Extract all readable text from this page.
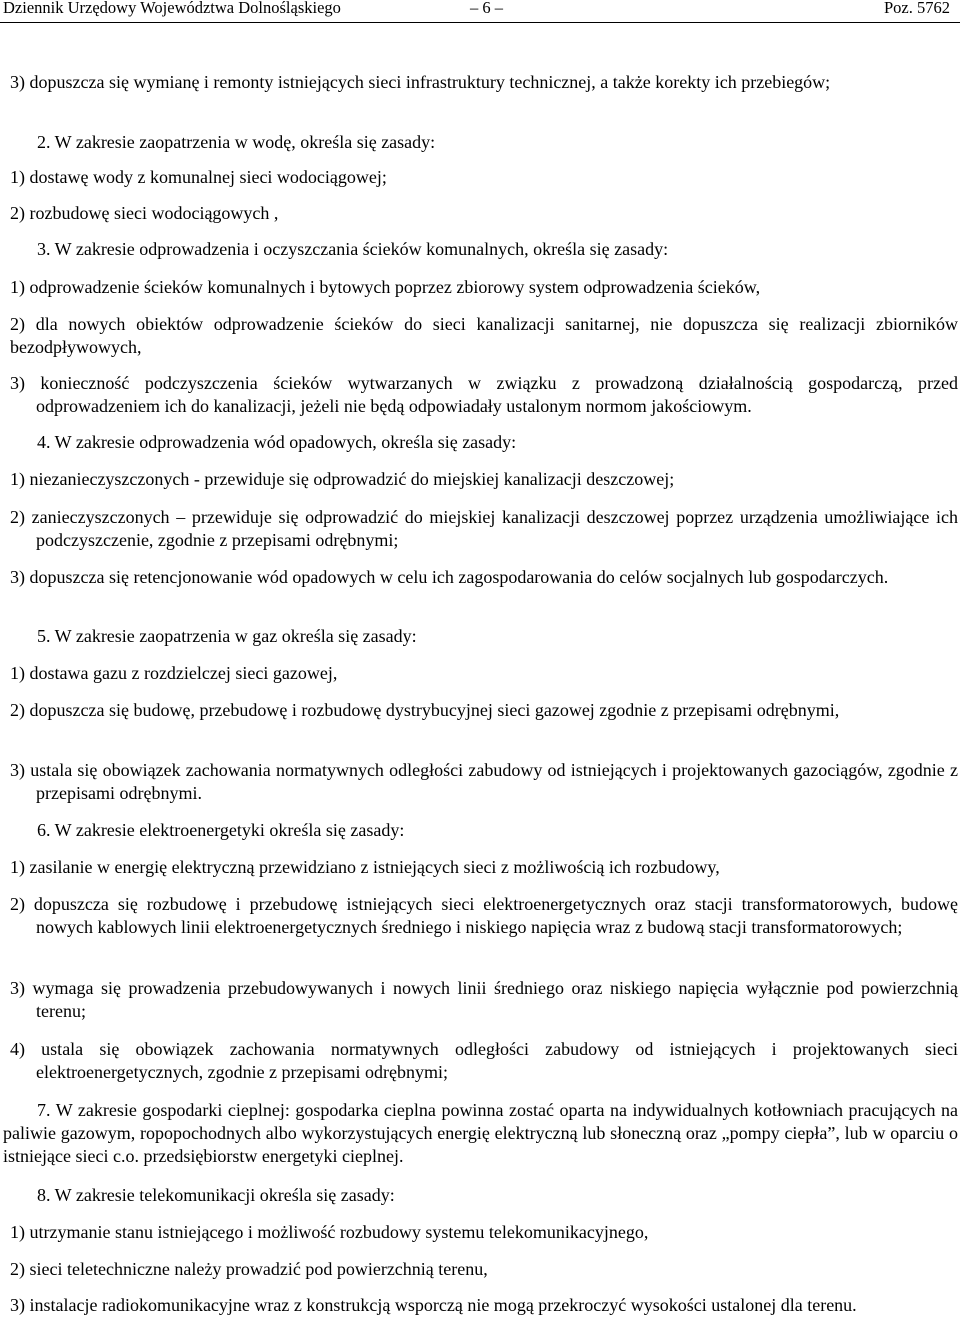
Dziennik Urzędowy Województwa Dolnośląskiego	– 6 –	Poz. 5762

3) dopuszcza się wymianę i remonty istniejących sieci infrastruktury technicznej, a także korekty ich przebiegów;

2. W zakresie zaopatrzenia w wodę, określa się zasady:

1) dostawę wody z komunalnej sieci wodociągowej;

2) rozbudowę sieci wodociągowych ,

3. W zakresie odprowadzenia i oczyszczania ścieków komunalnych, określa się zasady:

1) odprowadzenie ścieków komunalnych i bytowych poprzez zbiorowy system odprowadzenia ścieków,

2) dla nowych obiektów odprowadzenie ścieków do sieci kanalizacji sanitarnej, nie dopuszcza się realizacji zbiorników bezodpływowych,

3) konieczność podczyszczenia ścieków wytwarzanych w związku z prowadzoną działalnością gospodarczą, przed odprowadzeniem ich do kanalizacji, jeżeli nie będą odpowiadały ustalonym normom jakościowym.

4. W zakresie odprowadzenia wód opadowych, określa się zasady:

1) niezanieczyszczonych - przewiduje się odprowadzić do miejskiej kanalizacji deszczowej;

2) zanieczyszczonych – przewiduje się odprowadzić do miejskiej kanalizacji deszczowej poprzez urządzenia umożliwiające ich podczyszczenie, zgodnie z przepisami odrębnymi;

3) dopuszcza się retencjonowanie wód opadowych w celu ich zagospodarowania do celów socjalnych lub gospodarczych.

5. W zakresie zaopatrzenia w gaz określa się zasady:

1) dostawa gazu z rozdzielczej sieci gazowej,

2) dopuszcza się budowę, przebudowę i rozbudowę dystrybucyjnej sieci gazowej zgodnie z przepisami odrębnymi,

3) ustala się obowiązek zachowania normatywnych odległości zabudowy od istniejących i projektowanych gazociągów, zgodnie z przepisami odrębnymi.

6. W zakresie elektroenergetyki określa się zasady:

1) zasilanie w energię elektryczną przewidziano z istniejących sieci z możliwością ich rozbudowy,

2) dopuszcza się rozbudowę i przebudowę istniejących sieci elektroenergetycznych oraz stacji transformatorowych, budowę nowych kablowych linii elektroenergetycznych średniego i niskiego napięcia wraz z budową stacji transformatorowych;

3) wymaga się prowadzenia przebudowywanych i nowych linii średniego oraz niskiego napięcia wyłącznie pod powierzchnią terenu;

4) ustala się obowiązek zachowania normatywnych odległości zabudowy od istniejących i projektowanych sieci elektroenergetycznych, zgodnie z przepisami odrębnymi;

7. W zakresie gospodarki cieplnej: gospodarka cieplna powinna zostać oparta na indywidualnych kotłowniach pracujących na paliwie gazowym, ropopochodnych albo wykorzystujących energię elektryczną lub słoneczną oraz „pompy ciepła”, lub w oparciu o istniejące sieci c.o. przedsiębiorstw energetyki cieplnej.

8. W zakresie telekomunikacji określa się zasady:

1) utrzymanie stanu istniejącego i możliwość rozbudowy systemu telekomunikacyjnego,

2) sieci teletechniczne należy prowadzić pod powierzchnią terenu,

3) instalacje radiokomunikacyjne wraz z konstrukcją wsporczą nie mogą przekroczyć wysokości ustalonej dla terenu.
